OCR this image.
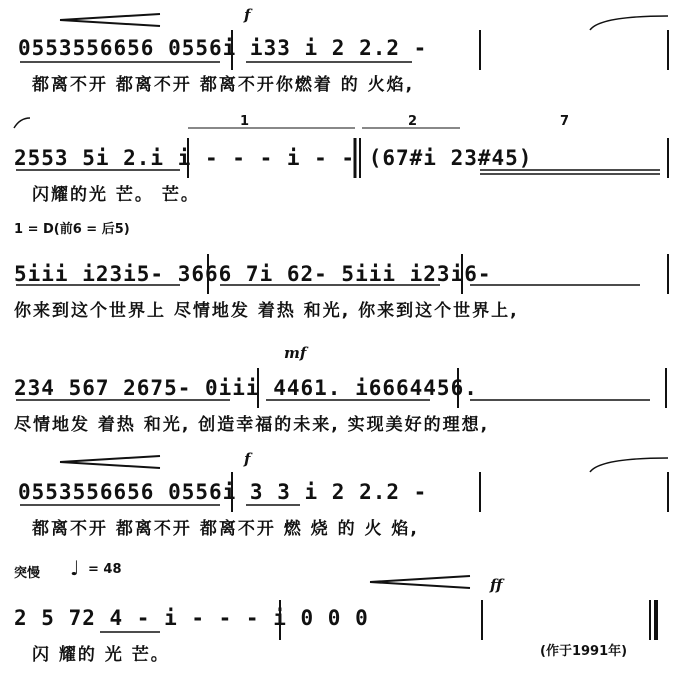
f
0553556656 0556i i33 i 2 2.2 -
都离不开 都离不开 都离不开你燃着 的 火焰,
1	2	7
2553 5i 2.i i - - - i - - (67#i 23#45)
闪耀的光 芒。 芒。
1 = D(前6 = 后5)
5iii i23i5- 3666 7i 62- 5iii i23i6-
你来到这个世界上 尽情地发 着热 和光, 你来到这个世界上,
mf
234 567 2675- 0iii 4461. i6664456.
尽情地发 着热 和光, 创造幸福的未来, 实现美好的理想,
f
0553556656 0556i 3 3 i 2 2.2 -
都离不开 都离不开 都离不开 燃 烧 的 火 焰,
突慢 ♩ = 48
ff
2 5 72 4 - i - - - i 0 0 0
闪 耀的 光 芒。	(作于1991年)
